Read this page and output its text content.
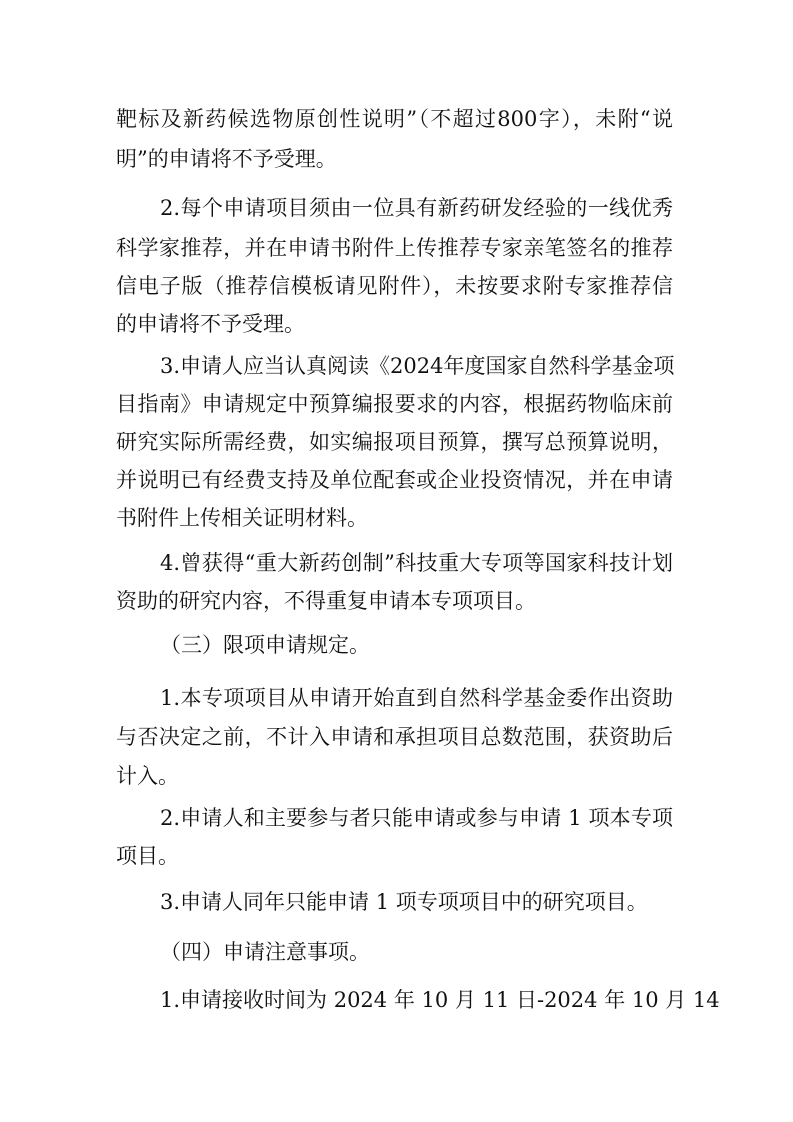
靶标及新药候选物原创性说明”（不超过800字），未附“说
明”的申请将不予受理。
2.每个申请项目须由一位具有新药研发经验的一线优秀
科学家推荐，并在申请书附件上传推荐专家亲笔签名的推荐
信电子版（推荐信模板请见附件），未按要求附专家推荐信
的申请将不予受理。
3.申请人应当认真阅读《2024年度国家自然科学基金项
目指南》申请规定中预算编报要求的内容，根据药物临床前
研究实际所需经费，如实编报项目预算，撰写总预算说明，
并说明已有经费支持及单位配套或企业投资情况，并在申请
书附件上传相关证明材料。
4.曾获得“重大新药创制”科技重大专项等国家科技计划
资助的研究内容，不得重复申请本专项项目。
（三）限项申请规定。
1.本专项项目从申请开始直到自然科学基金委作出资助
与否决定之前，不计入申请和承担项目总数范围，获资助后
计入。
2.申请人和主要参与者只能申请或参与申请 1 项本专项
项目。
3.申请人同年只能申请 1 项专项项目中的研究项目。
（四）申请注意事项。
1.申请接收时间为 2024 年 10 月 11 日-2024 年 10 月 14
